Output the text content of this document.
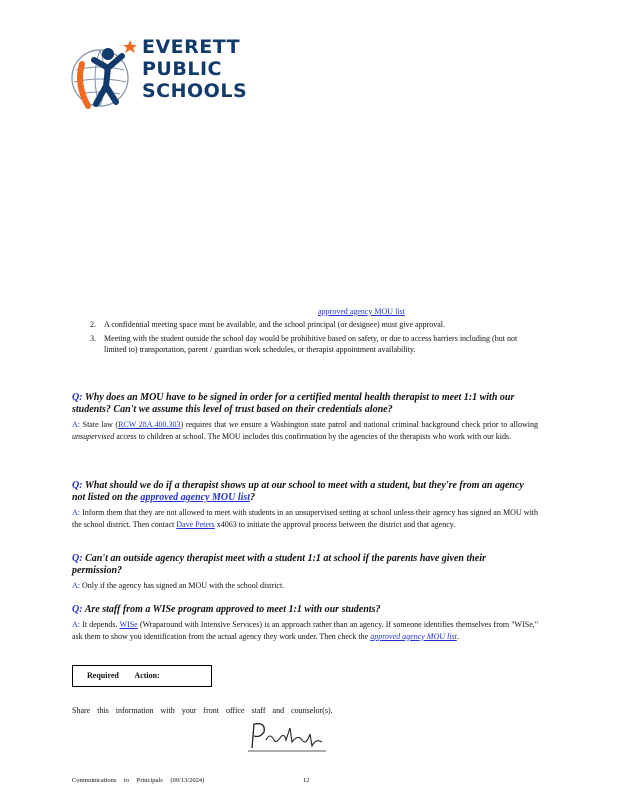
EVERETT
PUBLIC
SCHOOLS
approved agency MOU list
2. A confidential meeting space must be available, and the school principal (or designee) must give approval.
3. Meeting with the student outside the school day would be prohibitive based on safety, or due to access barriers including (but not limited to) transportation, parent / guardian work schedules, or therapist appointment availability.
Q: Why does an MOU have to be signed in order for a certified mental health therapist to meet 1:1 with our students? Can't we assume this level of trust based on their credentials alone?
A: State law (RCW 28A.400.303) requires that we ensure a Washington state patrol and national criminal background check prior to allowing unsupervised access to children at school. The MOU includes this confirmation by the agencies of the therapists who work with our kids.
Q: What should we do if a therapist shows up at our school to meet with a student, but they're from an agency not listed on the approved agency MOU list?
A: Inform them that they are not allowed to meet with students in an unsupervised setting at school unless their agency has signed an MOU with the school district. Then contact Dave Peters x4063 to initiate the approval process between the district and that agency.
Q: Can't an outside agency therapist meet with a student 1:1 at school if the parents have given their permission?
A: Only if the agency has signed an MOU with the school district.
Q: Are staff from a WISe program approved to meet 1:1 with our students?
A: It depends. WISe (Wraparound with Intensive Services) is an approach rather than an agency. If someone identifies themselves from "WISe," ask them to show you identification from the actual agency they work under. Then check the approved agency MOU list.
Required Action:
Share this information with your front office staff and counselor(s).
Communications to Principals (09/13/2024)	12
